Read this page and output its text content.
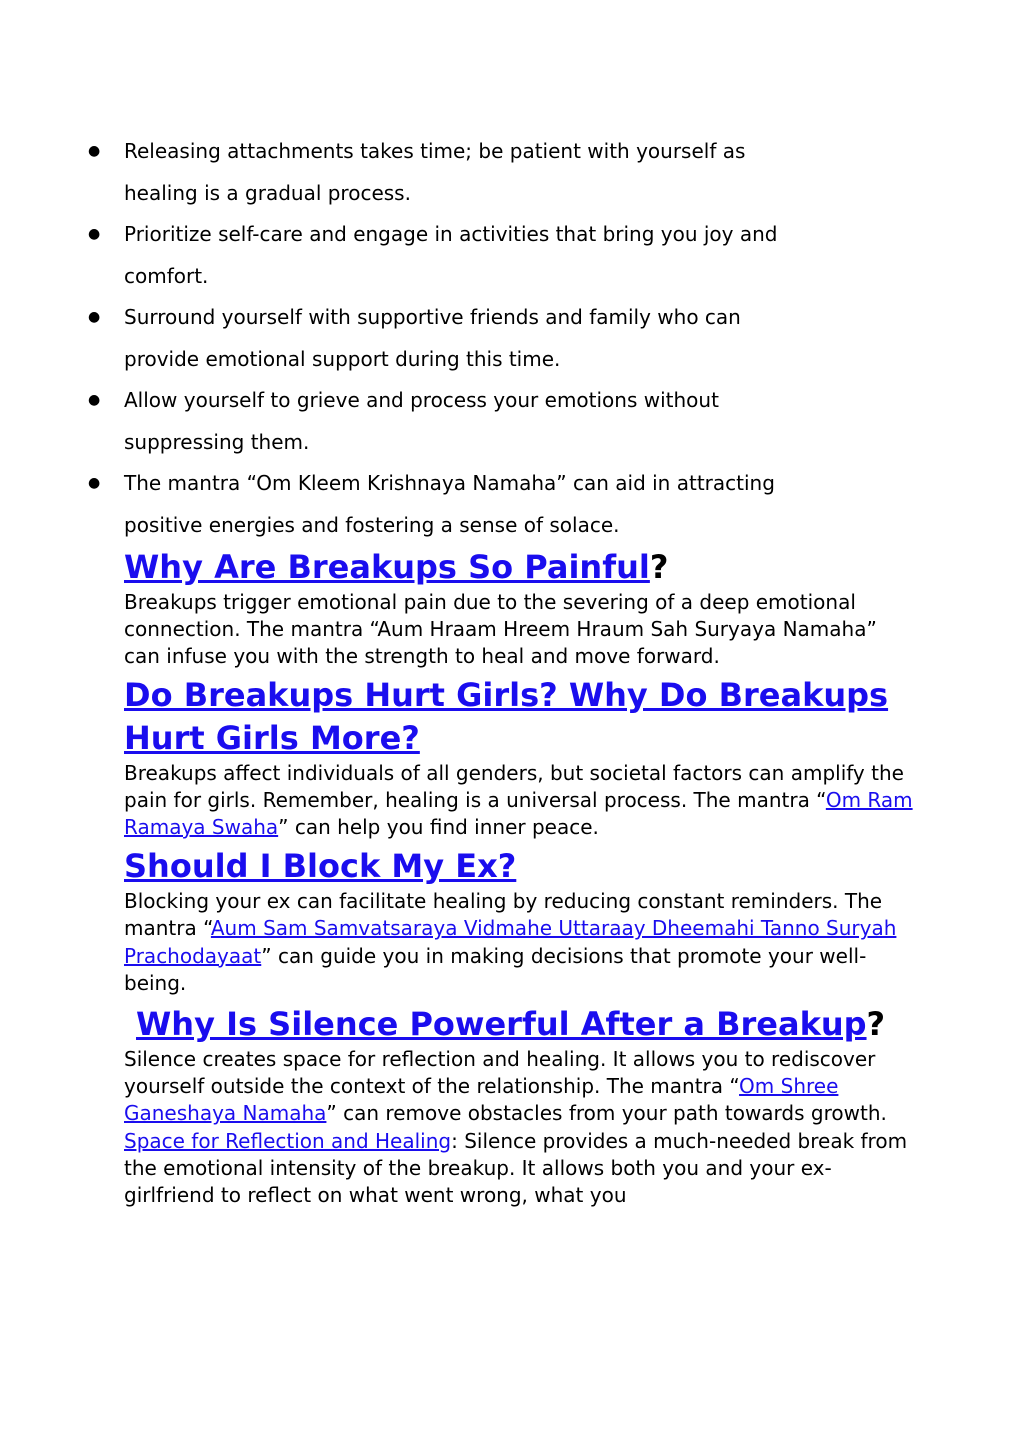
● Releasing attachments takes time; be patient with yourself as
healing is a gradual process.
● Prioritize self-care and engage in activities that bring you joy and
comfort.
● Surround yourself with supportive friends and family who can
provide emotional support during this time.
● Allow yourself to grieve and process your emotions without
suppressing them.
● The mantra “Om Kleem Krishnaya Namaha” can aid in attracting
positive energies and fostering a sense of solace.
Why Are Breakups So Painful?

Breakups trigger emotional pain due to the severing of a deep emotional connection. The mantra “Aum Hraam Hreem Hraum Sah Suryaya Namaha” can infuse you with the strength to heal and move forward.

Do Breakups Hurt Girls? Why Do Breakups Hurt Girls More?

Breakups affect individuals of all genders, but societal factors can amplify the pain for girls. Remember, healing is a universal process. The mantra “Om Ram Ramaya Swaha” can help you find inner peace.

Should I Block My Ex?

Blocking your ex can facilitate healing by reducing constant reminders. The mantra “Aum Sam Samvatsaraya Vidmahe Uttaraay Dheemahi Tanno Suryah Prachodayaat” can guide you in making decisions that promote your well-being.

Why Is Silence Powerful After a Breakup?

Silence creates space for reflection and healing. It allows you to rediscover yourself outside the context of the relationship. The mantra “Om Shree Ganeshaya Namaha” can remove obstacles from your path towards growth.

Space for Reflection and Healing: Silence provides a much-needed break from the emotional intensity of the breakup. It allows both you and your ex-girlfriend to reflect on what went wrong, what you
